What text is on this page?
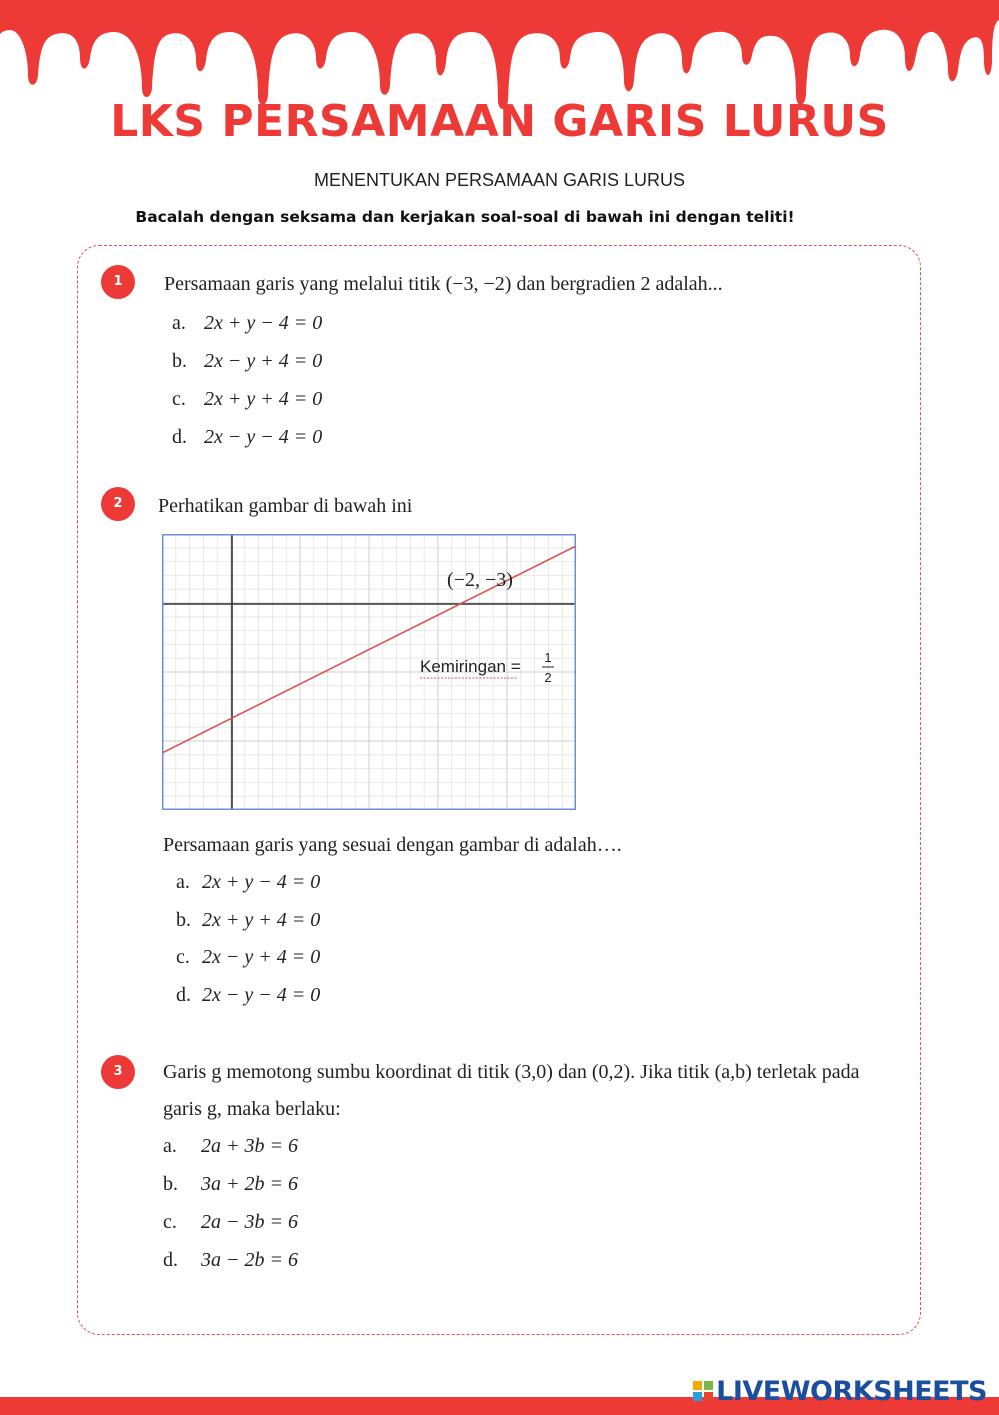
LKS PERSAMAAN GARIS LURUS
MENENTUKAN PERSAMAAN GARIS LURUS
Bacalah dengan seksama dan kerjakan soal-soal di bawah ini dengan teliti!
1	Persamaan garis yang melalui titik (−3, −2) dan bergradien 2 adalah...
a. 2x + y − 4 = 0
b. 2x − y + 4 = 0
c. 2x + y + 4 = 0
d. 2x − y − 4 = 0
2	Perhatikan gambar di bawah ini
(−2, −3)
Kemiringan = 1
2
Persamaan garis yang sesuai dengan gambar di adalah….
a. 2x + y − 4 = 0
b. 2x + y + 4 = 0
c. 2x − y + 4 = 0
d. 2x − y − 4 = 0
3	Garis g memotong sumbu koordinat di titik (3,0) dan (0,2). Jika titik (a,b) terletak pada
garis g, maka berlaku:
a. 2a + 3b = 6
b. 3a + 2b = 6
c. 2a − 3b = 6
d. 3a − 2b = 6
LIVEWORKSHEETS
